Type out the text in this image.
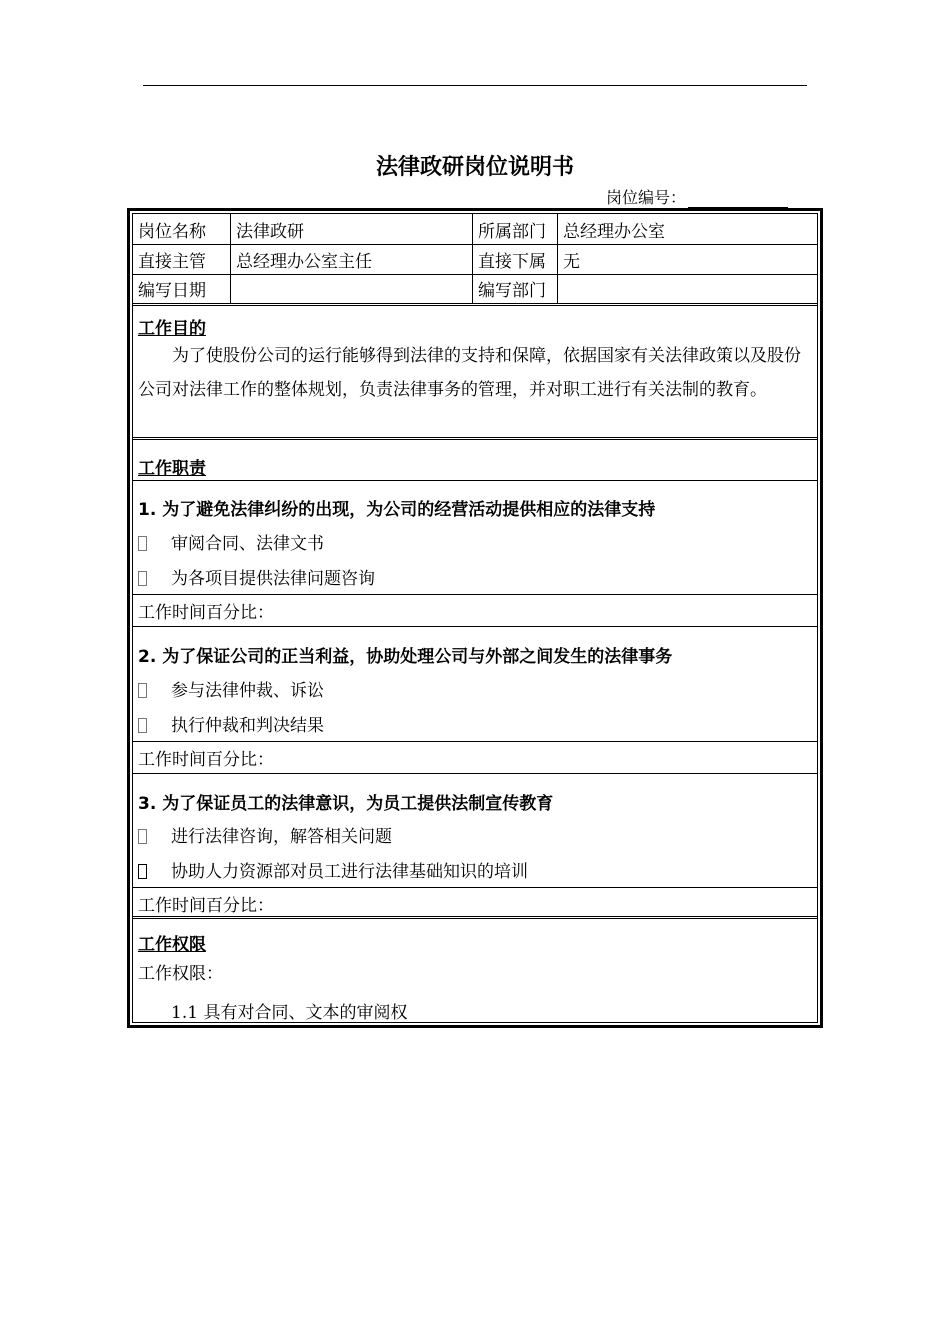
法律政研岗位说明书
岗位编号：
岗位名称 法律政研	所属部门 总经理办公室
直接主管 总经理办公室主任	直接下属 无
编写日期	编写部门
工作目的
为了使股份公司的运行能够得到法律的支持和保障，依据国家有关法律政策以及股份公司对法律工作的整体规划，负责法律事务的管理，并对职工进行有关法制的教育。
工作职责
1. 为了避免法律纠纷的出现，为公司的经营活动提供相应的法律支持
审阅合同、法律文书
为各项目提供法律问题咨询
工作时间百分比：
2. 为了保证公司的正当利益，协助处理公司与外部之间发生的法律事务
参与法律仲裁、诉讼
执行仲裁和判决结果
工作时间百分比：
3. 为了保证员工的法律意识，为员工提供法制宣传教育
进行法律咨询，解答相关问题
协助人力资源部对员工进行法律基础知识的培训
工作时间百分比：
工作权限
工作权限：
1.1 具有对合同、文本的审阅权
